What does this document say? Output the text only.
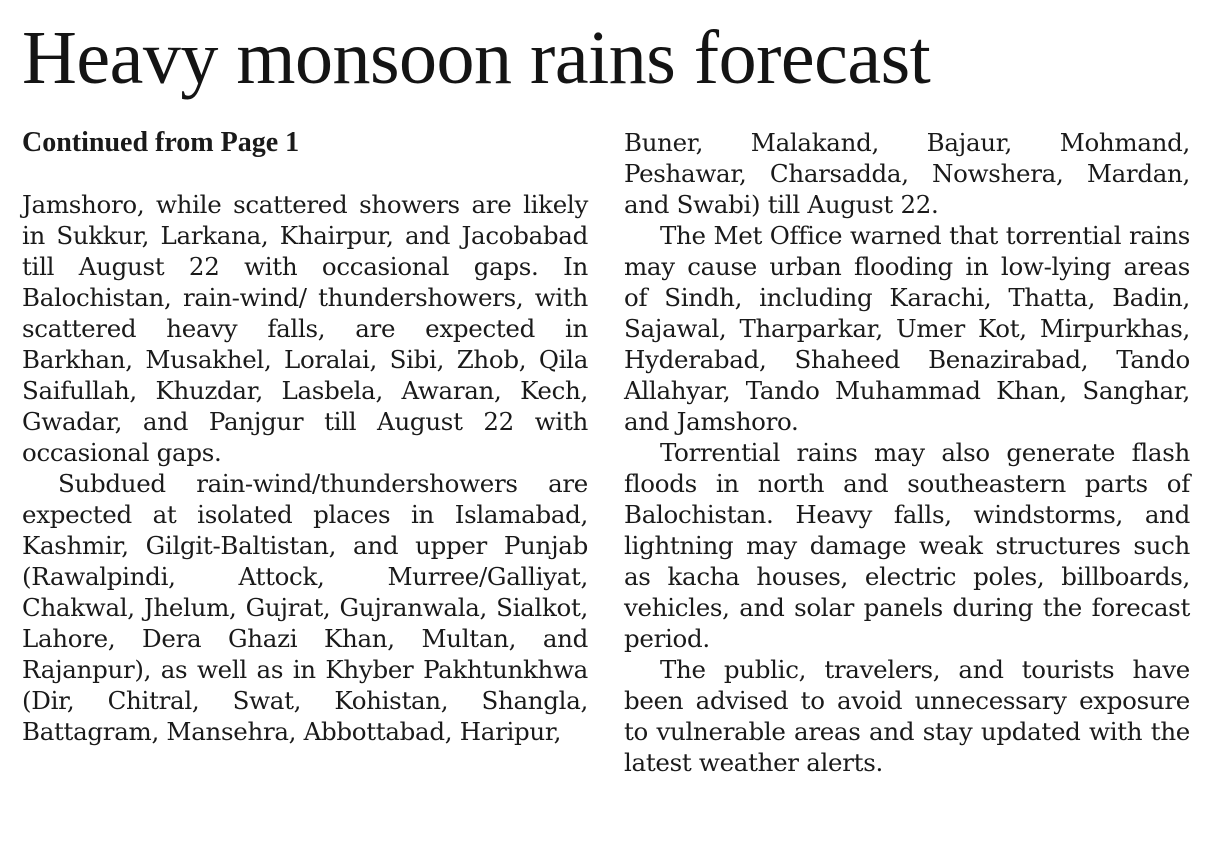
Heavy monsoon rains forecast

Continued from Page 1

Jamshoro, while scattered showers are likely in Sukkur, Larkana, Khairpur, and Jacobabad till August 22 with occasional gaps. In Balochistan, rain-wind/ thundershowers, with scattered heavy falls, are expected in Barkhan, Musakhel, Loralai, Sibi, Zhob, Qila Saifullah, Khuzdar, Lasbela, Awaran, Kech, Gwadar, and Panjgur till August 22 with occasional gaps.

Subdued rain-wind/thundershowers are expected at isolated places in Islamabad, Kashmir, Gilgit-Baltistan, and upper Punjab (Rawalpindi, Attock, Murree/Galliyat, Chakwal, Jhelum, Gujrat, Gujranwala, Sialkot, Lahore, Dera Ghazi Khan, Multan, and Rajanpur), as well as in Khyber Pakhtunkhwa (Dir, Chitral, Swat, Kohistan, Shangla, Battagram, Mansehra, Abbottabad, Haripur,

Buner, Malakand, Bajaur, Mohmand, Peshawar, Charsadda, Nowshera, Mardan, and Swabi) till August 22.

The Met Office warned that torrential rains may cause urban flooding in low-lying areas of Sindh, including Karachi, Thatta, Badin, Sajawal, Tharparkar, Umer Kot, Mirpurkhas, Hyderabad, Shaheed Benazirabad, Tando Allahyar, Tando Muhammad Khan, Sanghar, and Jamshoro.

Torrential rains may also generate flash floods in north and southeastern parts of Balochistan. Heavy falls, windstorms, and lightning may damage weak structures such as kacha houses, electric poles, billboards, vehicles, and solar panels during the forecast period.

The public, travelers, and tourists have been advised to avoid unnecessary exposure to vulnerable areas and stay updated with the latest weather alerts.
